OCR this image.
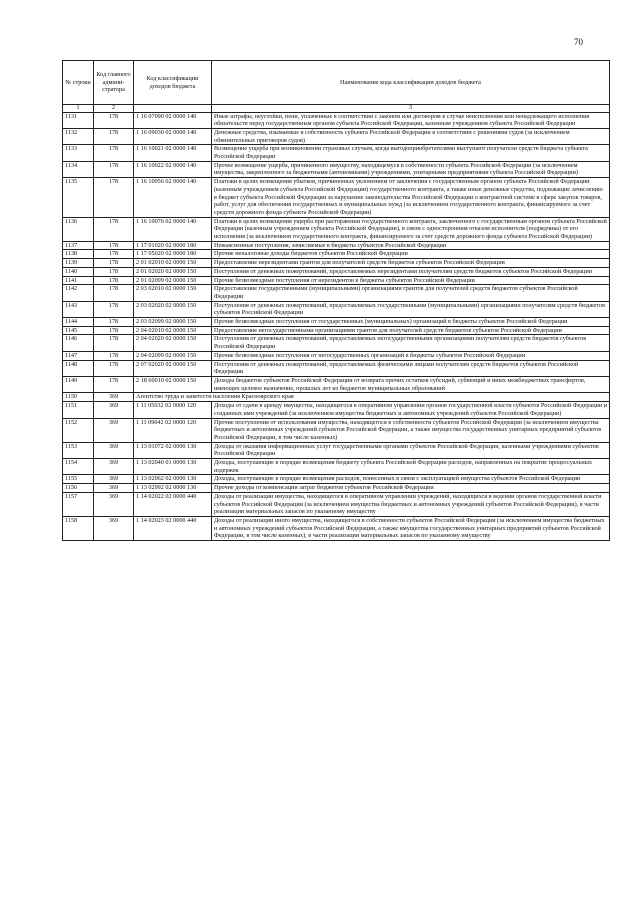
70
№ строки	Код главного админи-стратора	Код классификации доходов бюджета	Наименование кода классификации доходов бюджета
1	2		3
1131	178	1 16 07090 02 0000 140	Иные штрафы, неустойки, пени, уплаченные в соответствии с законом или договором в случае неисполнения или ненадлежащего исполнения обязательств перед государственным органом субъекта Российской Федерации, казенным учреждением субъекта Российской Федерации
1132	178	1 16 09030 02 0000 140	Денежные средства, изымаемые в собственность субъекта Российской Федерации в соответствии с решениями судов (за исключением обвинительных приговоров судов)
1133	178	1 16 10021 02 0000 140	Возмещение ущерба при возникновении страховых случаев, когда выгодоприобретателями выступают получатели средств бюджета субъекта Российской Федерации
1134	178	1 16 10022 02 0000 140	Прочее возмещение ущерба, причиненного имуществу, находящемуся в собственности субъекта Российской Федерации (за исключением имущества, закрепленного за бюджетными (автономными) учреждениями, унитарными предприятиями субъекта Российской Федерации)
1135	178	1 16 10056 02 0000 140	Платежи в целях возмещения убытков, причиненных уклонением от заключения с государственным органом субъекта Российской Федерации (казенным учреждением субъекта Российской Федерации) государственного контракта, а также иные денежные средства, подлежащие зачислению в бюджет субъекта Российской Федерации за нарушение законодательства Российской Федерации о контрактной системе в сфере закупок товаров, работ, услуг для обеспечения государственных и муниципальных нужд (за исключением государственного контракта, финансируемого за счет средств дорожного фонда субъекта Российской Федерации)
1136	178	1 16 10076 02 0000 140	Платежи в целях возмещения ущерба при расторжении государственного контракта, заключенного с государственным органом субъекта Российской Федерации (казенным учреждением субъекта Российской Федерации), в связи с односторонним отказом исполнителя (подрядчика) от его исполнения (за исключением государственного контракта, финансируемого за счет средств дорожного фонда субъекта Российской Федерации)
1137	178	1 17 01020 02 0000 180	Невыясненные поступления, зачисляемые в бюджеты субъектов Российской Федерации
1138	178	1 17 05020 02 0000 180	Прочие неналоговые доходы бюджетов субъектов Российской Федерации
1139	178	2 01 02010 02 0000 150	Предоставление нерезидентами грантов для получателей средств бюджетов субъектов Российской Федерации
1140	178	2 01 02020 02 0000 150	Поступления от денежных пожертвований, предоставляемых нерезидентами получателям средств бюджетов субъектов Российской Федерации
1141	178	2 01 02099 02 0000 150	Прочие безвозмездные поступления от нерезидентов в бюджеты субъектов Российской Федерации
1142	178	2 03 02010 02 0000 150	Предоставление государственными (муниципальными) организациями грантов для получателей средств бюджетов субъектов Российской Федерации
1143	178	2 03 02020 02 0000 150	Поступления от денежных пожертвований, предоставляемых государственными (муниципальными) организациями получателям средств бюджетов субъектов Российской Федерации
1144	178	2 03 02099 02 0000 150	Прочие безвозмездные поступления от государственных (муниципальных) организаций в бюджеты субъектов Российской Федерации
1145	178	2 04 02010 02 0000 150	Предоставление негосударственными организациями грантов для получателей средств бюджетов субъектов Российской Федерации
1146	178	2 04 02020 02 0000 150	Поступления от денежных пожертвований, предоставляемых негосударственными организациями получателям средств бюджетов субъектов Российской Федерации
1147	178	2 04 02099 02 0000 150	Прочие безвозмездные поступления от негосударственных организаций в бюджеты субъектов Российской Федерации
1148	178	2 07 02020 02 0000 150	Поступления от денежных пожертвований, предоставляемых физическими лицами получателям средств бюджетов субъектов Российской Федерации
1149	178	2 18 60010 02 0000 150	Доходы бюджетов субъектов Российской Федерации от возврата прочих остатков субсидий, субвенций и иных межбюджетных трансфертов, имеющих целевое назначение, прошлых лет из бюджетов муниципальных образований
1150	369	Агентство труда и занятости населения Красноярского края	
1151	369	1 11 05032 02 0000 120	Доходы от сдачи в аренду имущества, находящегося в оперативном управлении органов государственной власти субъектов Российской Федерации и созданных ими учреждений (за исключением имущества бюджетных и автономных учреждений субъектов Российской Федерации)
1152	369	1 11 09042 02 0000 120	Прочие поступления от использования имущества, находящегося в собственности субъектов Российской Федерации (за исключением имущества бюджетных и автономных учреждений субъектов Российской Федерации, а также имущества государственных унитарных предприятий субъектов Российской Федерации, в том числе казенных)
1153	369	1 13 01072 02 0000 130	Доходы от оказания информационных услуг государственными органами субъектов Российской Федерации, казенными учреждениями субъектов Российской Федерации
1154	369	1 13 02040 01 0000 130	Доходы, поступающие в порядке возмещения бюджету субъекта Российской Федерации расходов, направленных на покрытие процессуальных издержек
1155	369	1 13 02062 02 0000 130	Доходы, поступающие в порядке возмещения расходов, понесенных в связи с эксплуатацией имущества субъектов Российской Федерации
1156	369	1 13 02992 02 0000 130	Прочие доходы от компенсации затрат бюджетов субъектов Российской Федерации
1157	369	1 14 02022 02 0000 440	Доходы от реализации имущества, находящегося в оперативном управлении учреждений, находящихся в ведении органов государственной власти субъектов Российской Федерации (за исключением имущества бюджетных и автономных учреждений субъектов Российской Федерации), в части реализации материальных запасов по указанному имуществу
1158	369	1 14 02023 02 0000 440	Доходы от реализации иного имущества, находящегося в собственности субъектов Российской Федерации (за исключением имущества бюджетных и автономных учреждений субъектов Российской Федерации, а также имущества государственных унитарных предприятий субъектов Российской Федерации, в том числе казенных), в части реализации материальных запасов по указанному имуществу
